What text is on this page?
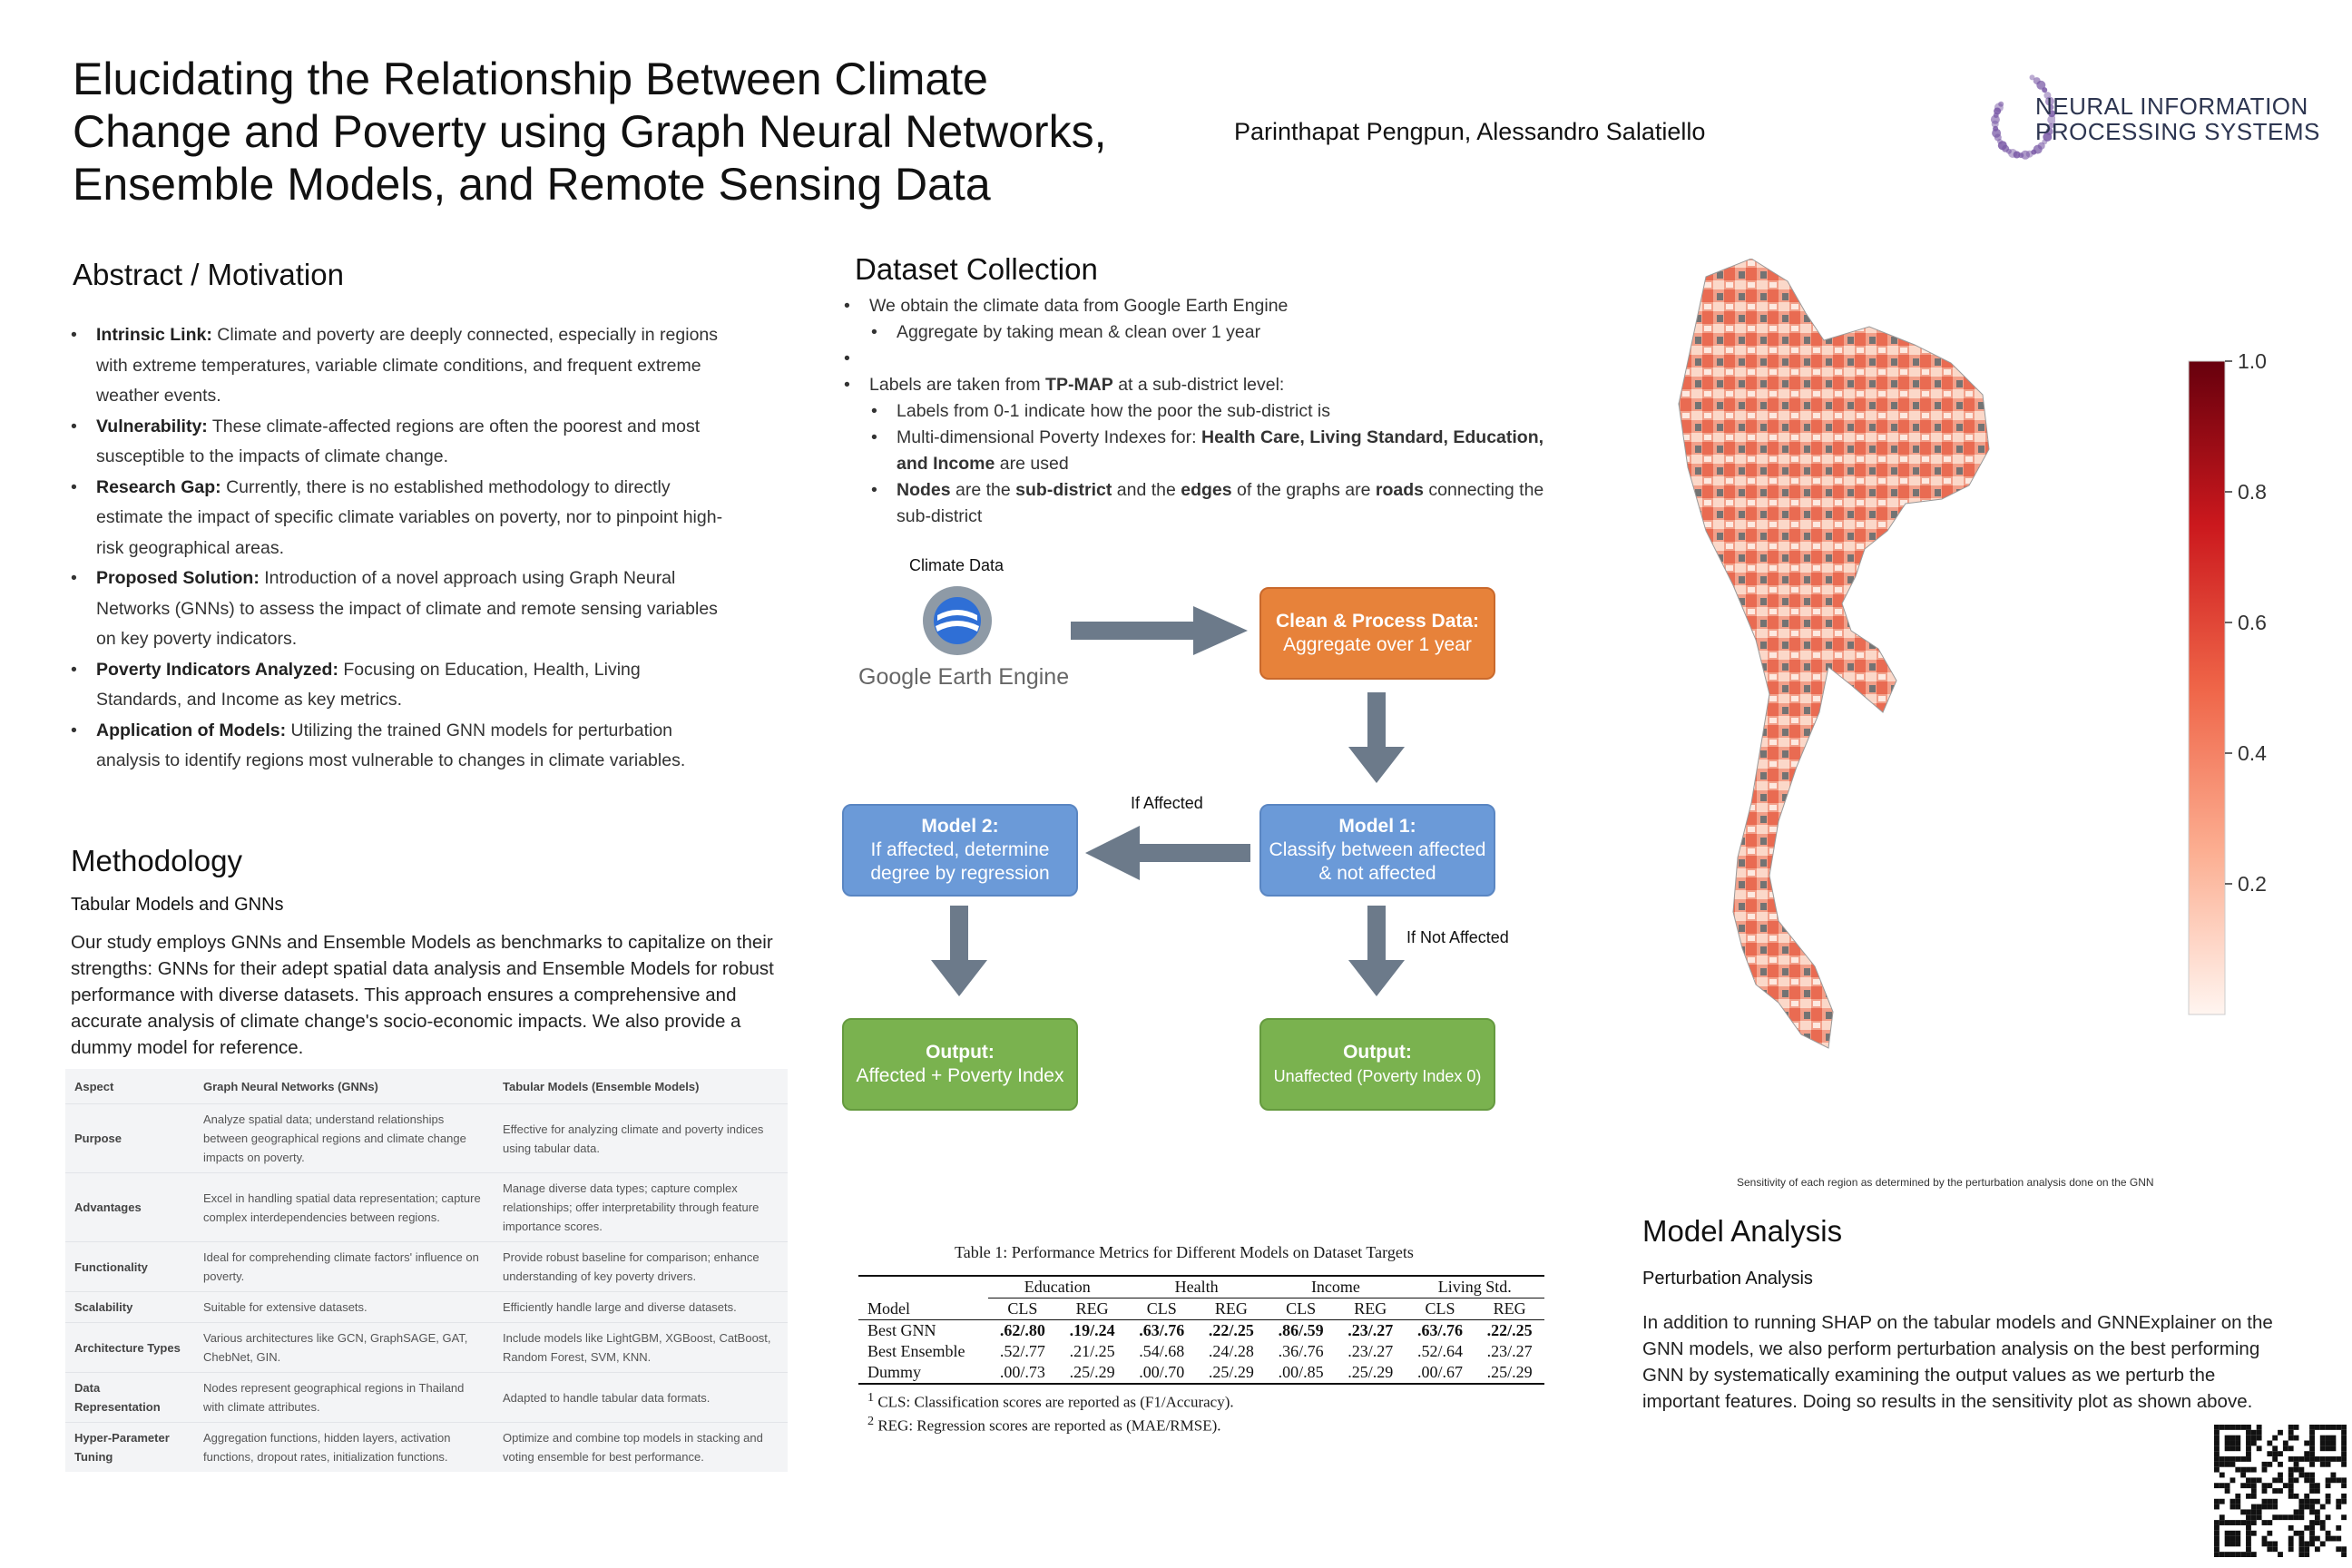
Elucidating the Relationship Between Climate
Change and Poverty using Graph Neural Networks,
Ensemble Models, and Remote Sensing Data
Parinthapat Pengpun, Alessandro Salatiello
NEURAL INFORMATION
PROCESSING SYSTEMS
Abstract / Motivation
• Intrinsic Link: Climate and poverty are deeply connected, especially in regions with extreme temperatures, variable climate conditions, and frequent extreme weather events.
• Vulnerability: These climate-affected regions are often the poorest and most susceptible to the impacts of climate change.
• Research Gap: Currently, there is no established methodology to directly estimate the impact of specific climate variables on poverty, nor to pinpoint high-risk geographical areas.
• Proposed Solution: Introduction of a novel approach using Graph Neural Networks (GNNs) to assess the impact of climate and remote sensing variables on key poverty indicators.
• Poverty Indicators Analyzed: Focusing on Education, Health, Living Standards, and Income as key metrics.
• Application of Models: Utilizing the trained GNN models for perturbation analysis to identify regions most vulnerable to changes in climate variables.
Methodology
Tabular Models and GNNs
Our study employs GNNs and Ensemble Models as benchmarks to capitalize on their strengths: GNNs for their adept spatial data analysis and Ensemble Models for robust performance with diverse datasets. This approach ensures a comprehensive and accurate analysis of climate change's socio-economic impacts. We also provide a dummy model for reference.
Aspect	Graph Neural Networks (GNNs)	Tabular Models (Ensemble Models)
Purpose	Analyze spatial data; understand relationships between geographical regions and climate change impacts on poverty.	Effective for analyzing climate and poverty indices using tabular data.
Advantages	Excel in handling spatial data representation; capture complex interdependencies between regions.	Manage diverse data types; capture complex relationships; offer interpretability through feature importance scores.
Functionality	Ideal for comprehending climate factors' influence on poverty.	Provide robust baseline for comparison; enhance understanding of key poverty drivers.
Scalability	Suitable for extensive datasets.	Efficiently handle large and diverse datasets.
Architecture Types	Various architectures like GCN, GraphSAGE, GAT, ChebNet, GIN.	Include models like LightGBM, XGBoost, CatBoost, Random Forest, SVM, KNN.
Data Representation	Nodes represent geographical regions in Thailand with climate attributes.	Adapted to handle tabular data formats.
Hyper-Parameter Tuning	Aggregation functions, hidden layers, activation functions, dropout rates, initialization functions.	Optimize and combine top models in stacking and voting ensemble for best performance.
Dataset Collection
• We obtain the climate data from Google Earth Engine
• Aggregate by taking mean & clean over 1 year
•
• Labels are taken from TP-MAP at a sub-district level:
• Labels from 0-1 indicate how the poor the sub-district is
• Multi-dimensional Poverty Indexes for: Health Care, Living Standard, Education, and Income are used
• Nodes are the sub-district and the edges of the graphs are roads connecting the sub-district
Climate Data
Google Earth Engine
Clean & Process Data:
Aggregate over 1 year
Model 1:
Classify between affected & not affected
If Affected
Model 2:
If affected, determine degree by regression
If Not Affected
Output:
Affected + Poverty Index
Output:
Unaffected (Poverty Index 0)
Table 1: Performance Metrics for Different Models on Dataset Targets
	Education		Health		Income		Living Std.	
Model	CLS	REG	CLS	REG	CLS	REG	CLS	REG
Best GNN	.62/.80	.19/.24	.63/.76	.22/.25	.86/.59	.23/.27	.63/.76	.22/.25
Best Ensemble	.52/.77	.21/.25	.54/.68	.24/.28	.36/.76	.23/.27	.52/.64	.23/.27
Dummy	.00/.73	.25/.29	.00/.70	.25/.29	.00/.85	.25/.29	.00/.67	.25/.29
$^1$ CLS: Classification scores are reported as (F1/Accuracy).
$^2$ REG: Regression scores are reported as (MAE/RMSE).
1.0
0.8
0.6
0.4
0.2
Sensitivity of each region as determined by the perturbation analysis done on the GNN
Model Analysis
Perturbation Analysis
In addition to running SHAP on the tabular models and GNNExplainer on the GNN models, we also perform perturbation analysis on the best performing GNN by systematically examining the output values as we perturb the important features. Doing so results in the sensitivity plot as shown above.
